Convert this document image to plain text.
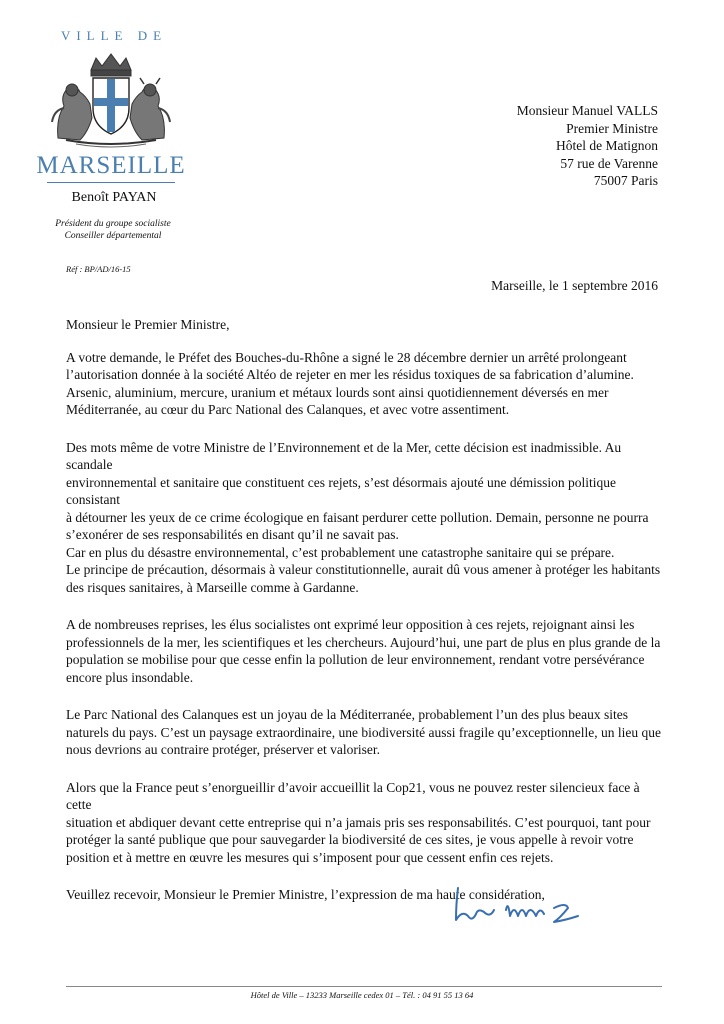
VILLE DE
MARSEILLE
Benoît PAYAN
Président du groupe socialiste
Conseiller départemental
Réf : BP/AD/16-15
Monsieur Manuel VALLS
Premier Ministre
Hôtel de Matignon
57 rue de Varenne
75007 Paris
Marseille, le 1 septembre 2016

Monsieur le Premier Ministre,

A votre demande, le Préfet des Bouches-du-Rhône a signé le 28 décembre dernier un arrêté prolongeant
l’autorisation donnée à la société Altéo de rejeter en mer les résidus toxiques de sa fabrication d’alumine.
Arsenic, aluminium, mercure, uranium et métaux lourds sont ainsi quotidiennement déversés en mer
Méditerranée, au cœur du Parc National des Calanques, et avec votre assentiment.

Des mots même de votre Ministre de l’Environnement et de la Mer, cette décision est inadmissible. Au scandale
environnemental et sanitaire que constituent ces rejets, s’est désormais ajouté une démission politique consistant
à détourner les yeux de ce crime écologique en faisant perdurer cette pollution. Demain, personne ne pourra
s’exonérer de ses responsabilités en disant qu’il ne savait pas.
Car en plus du désastre environnemental, c’est probablement une catastrophe sanitaire qui se prépare.
Le principe de précaution, désormais à valeur constitutionnelle, aurait dû vous amener à protéger les habitants
des risques sanitaires, à Marseille comme à Gardanne.

A de nombreuses reprises, les élus socialistes ont exprimé leur opposition à ces rejets, rejoignant ainsi les
professionnels de la mer, les scientifiques et les chercheurs. Aujourd’hui, une part de plus en plus grande de la
population se mobilise pour que cesse enfin la pollution de leur environnement, rendant votre persévérance
encore plus insondable.

Le Parc National des Calanques est un joyau de la Méditerranée, probablement l’un des plus beaux sites
naturels du pays. C’est un paysage extraordinaire, une biodiversité aussi fragile qu’exceptionnelle, un lieu que
nous devrions au contraire protéger, préserver et valoriser.

Alors que la France peut s’enorgueillir d’avoir accueillit la Cop21, vous ne pouvez rester silencieux face à cette
situation et abdiquer devant cette entreprise qui n’a jamais pris ses responsabilités. C’est pourquoi, tant pour
protéger la santé publique que pour sauvegarder la biodiversité de ces sites, je vous appelle à revoir votre
position et à mettre en œuvre les mesures qui s’imposent pour que cessent enfin ces rejets.

Veuillez recevoir, Monsieur le Premier Ministre, l’expression de ma haute considération,

Hôtel de Ville – 13233 Marseille cedex 01 – Tél. : 04 91 55 13 64
